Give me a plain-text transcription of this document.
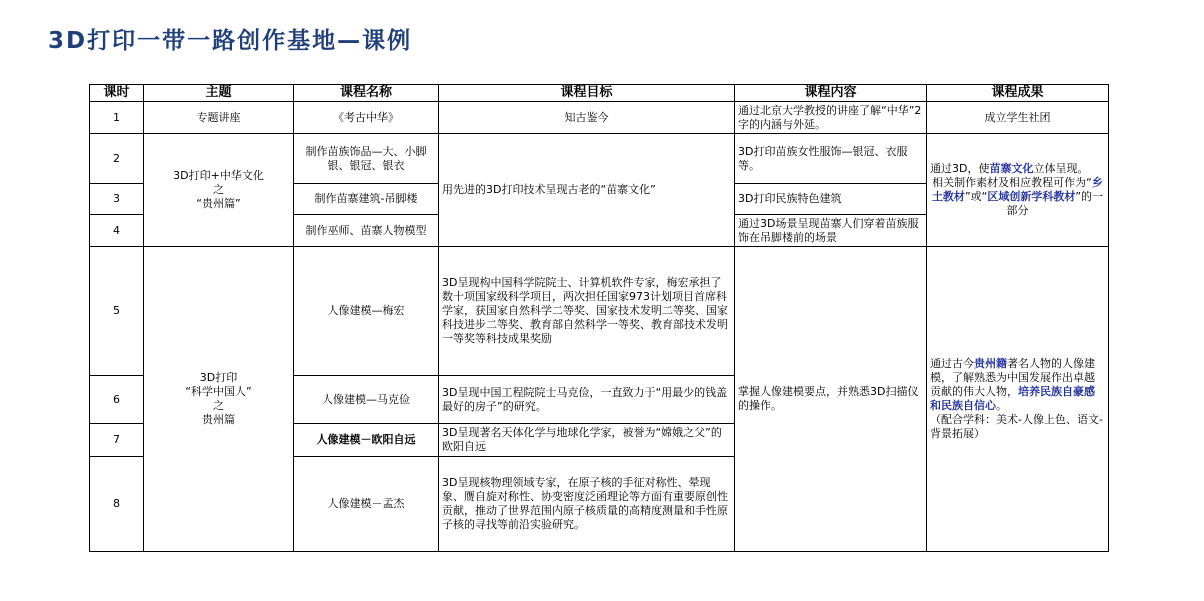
3D打印一带一路创作基地—课例
课时	主题	课程名称	课程目标	课程内容	课程成果
1	专题讲座	《考古中华》	知古鉴今	通过北京大学教授的讲座了解“中华”2字的内涵与外延。	成立学生社团
2	3D打印+中华文化
之
“贵州篇”	制作苗族饰品—大、小脚银、银冠、银衣	用先进的3D打印技术呈现古老的“苗寨文化”	3D打印苗族女性服饰—银冠、衣服等。	通过3D，使苗寨文化立体呈现。
相关制作素材及相应教程可作为“乡土教材”或“区域创新学科教材”的一部分

3		制作苗寨建筑-吊脚楼		3D打印民族特色建筑	
4		制作巫师、苗寨人物模型		通过3D场景呈现苗寨人们穿着苗族服饰在吊脚楼前的场景	
5	3D打印
“科学中国人”
之
贵州篇	人像建模—梅宏	3D呈现构中国科学院院士、计算机软件专家，梅宏承担了数十项国家级科学项目，两次担任国家973计划项目首席科学家，获国家自然科学二等奖、国家技术发明二等奖、国家科技进步二等奖、教育部自然科学一等奖、教育部技术发明一等奖等科技成果奖励	掌握人像建模要点，并熟悉3D扫描仪的操作。	通过古今贵州籍著名人物的人像建模，了解熟悉为中国发展作出卓越贡献的伟大人物，培养民族自豪感和民族自信心。
（配合学科：美术-人像上色、语文-背景拓展）

6		人像建模—马克俭	3D呈现中国工程院院士马克俭，一直致力于“用最少的钱盖最好的房子”的研究。		
7		人像建模－欧阳自远	3D呈现著名天体化学与地球化学家，被誉为“嫦娥之父”的欧阳自远		
8		人像建模－孟杰	3D呈现核物理领域专家，在原子核的手征对称性、晕现象、赝自旋对称性、协变密度泛函理论等方面有重要原创性贡献，推动了世界范围内原子核质量的高精度测量和手性原子核的寻找等前沿实验研究。		
